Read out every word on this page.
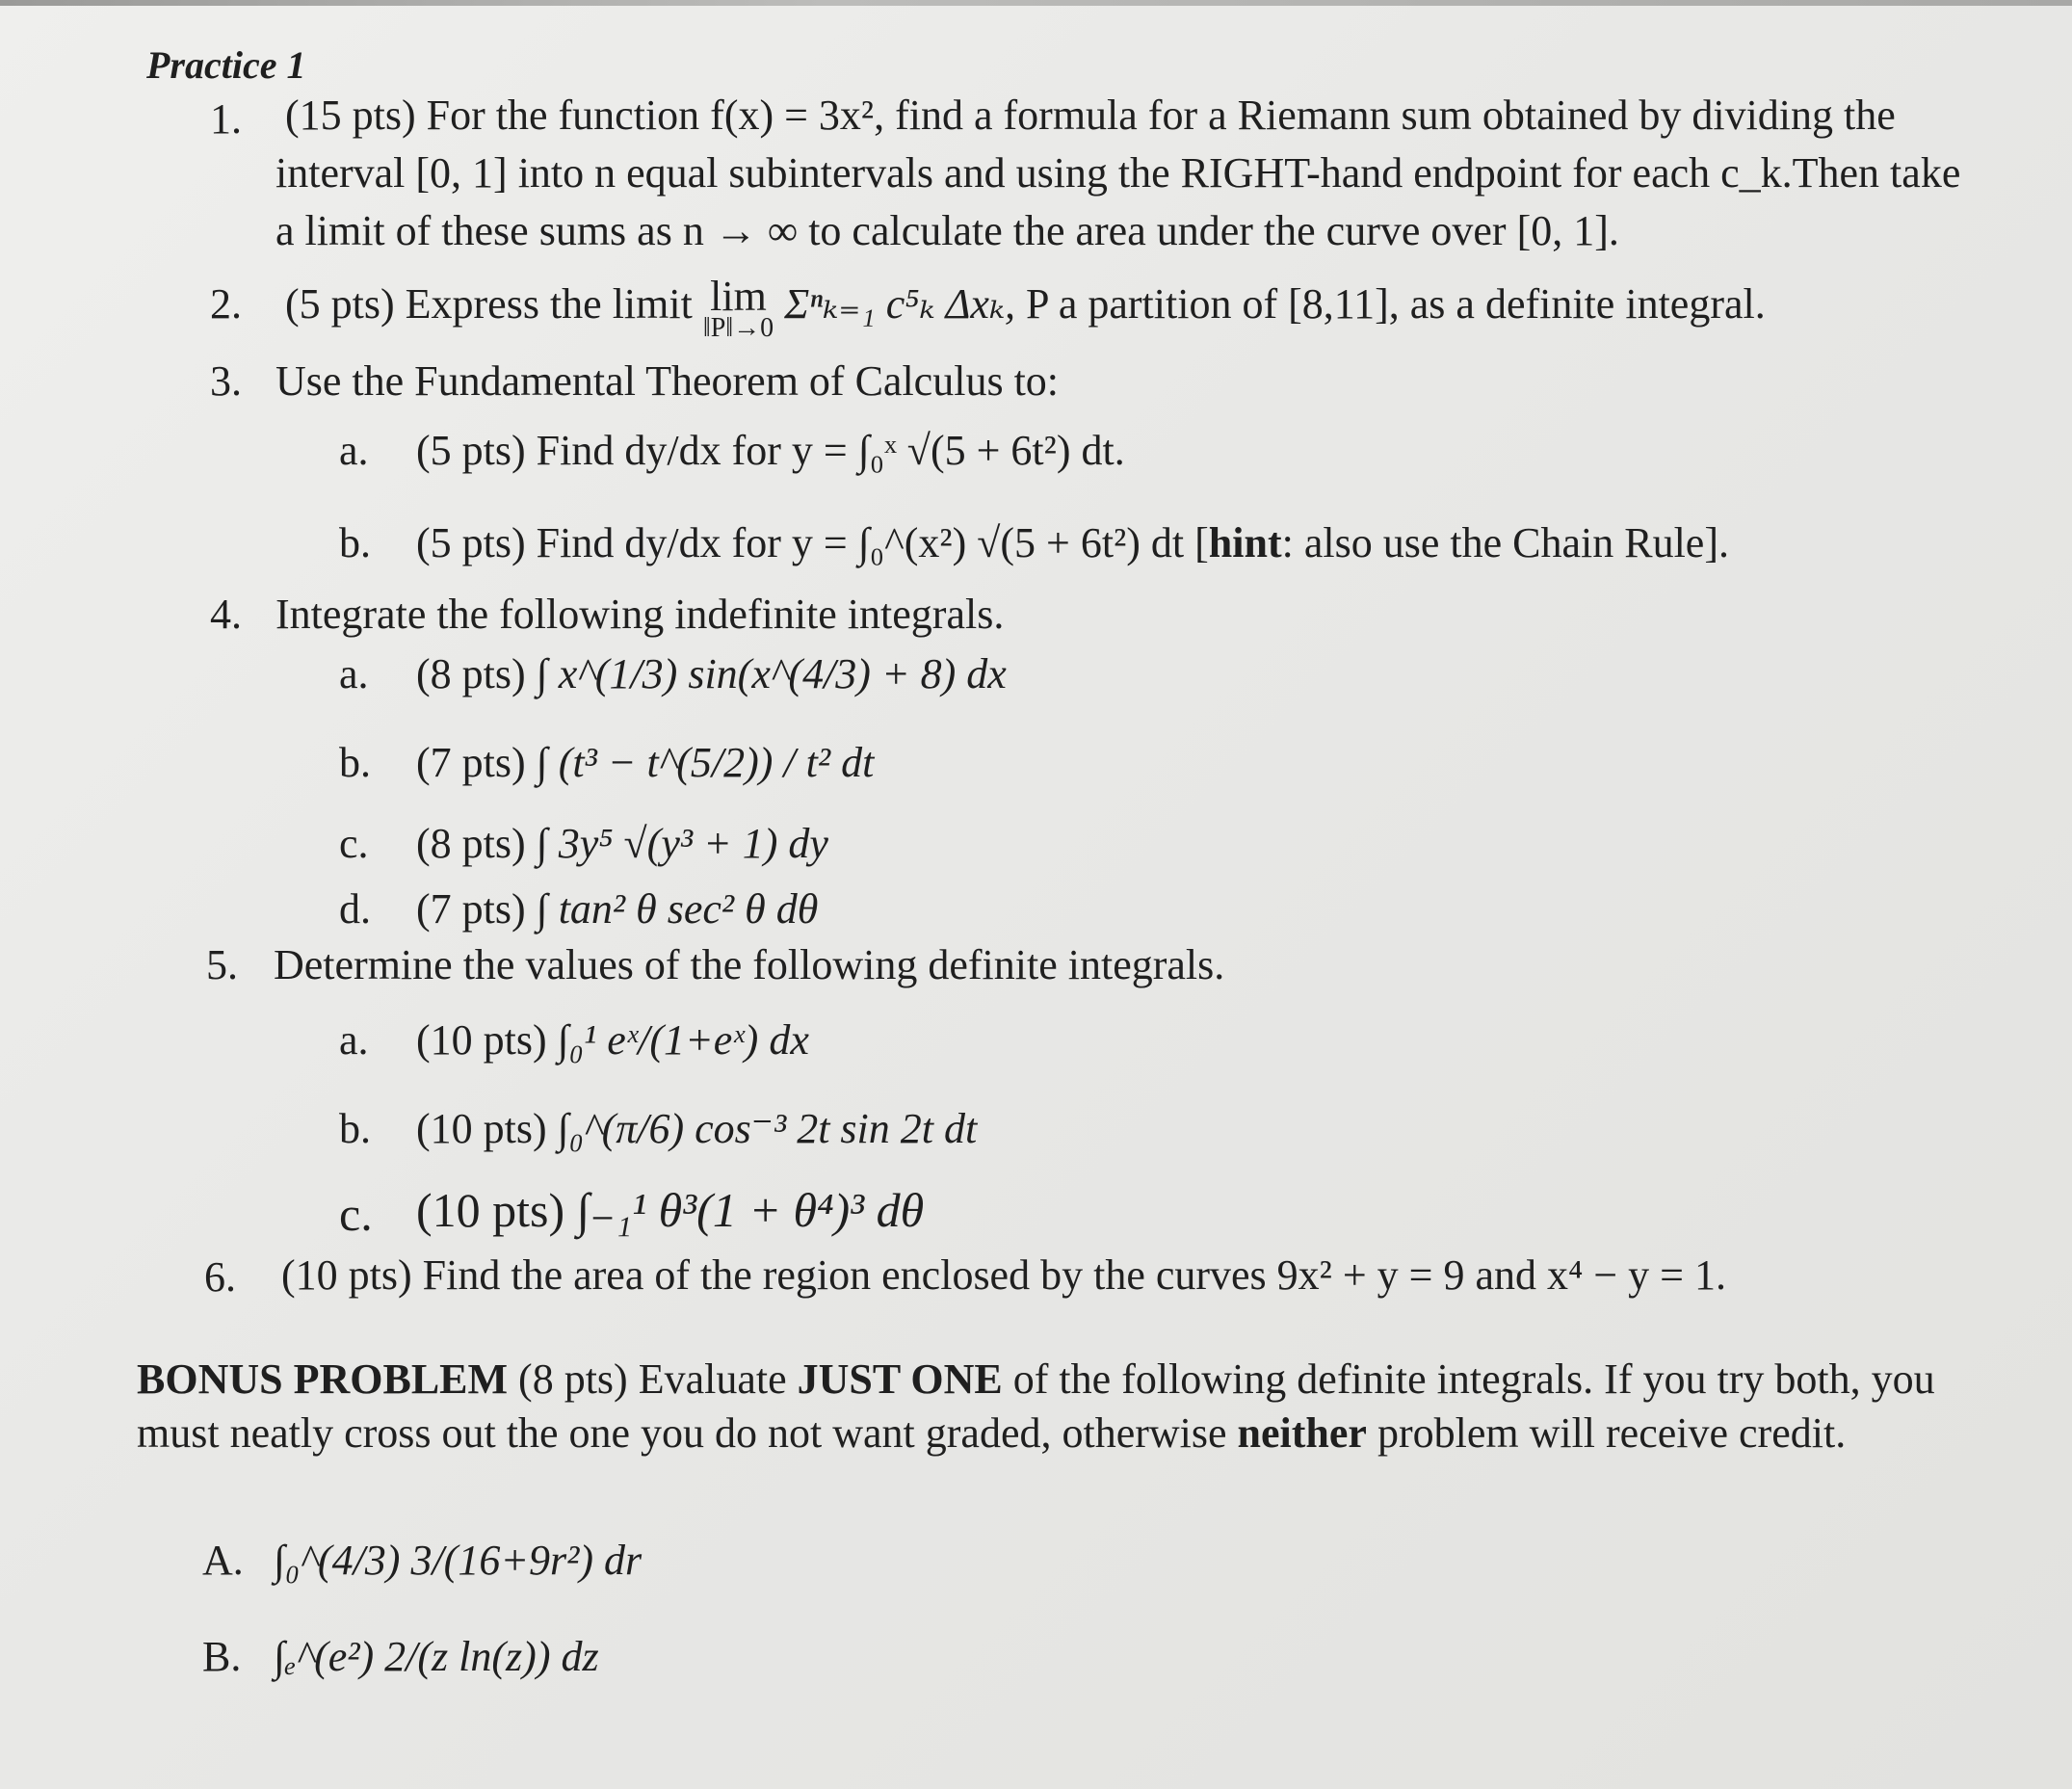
Practice 1
1. (15 pts) For the function f(x) = 3x², find a formula for a Riemann sum obtained by dividing the
interval [0, 1] into n equal subintervals and using the RIGHT-hand endpoint for each c_k.Then take
a limit of these sums as n → ∞ to calculate the area under the curve over [0, 1].
2. (5 pts) Express the limit lim
‖P‖→0
Σⁿₖ₌₁ c⁵ₖ Δxₖ, P a partition of [8,11], as a definite integral.
3. Use the Fundamental Theorem of Calculus to:
a. (5 pts) Find dy/dx for y = ∫₀ˣ √(5 + 6t²) dt.
b. (5 pts) Find dy/dx for y = ∫₀^(x²) √(5 + 6t²) dt [hint: also use the Chain Rule].
4. Integrate the following indefinite integrals.
a. (8 pts) ∫ x^(1/3) sin(x^(4/3) + 8) dx
b. (7 pts) ∫ (t³ − t^(5/2)) / t² dt
c. (8 pts) ∫ 3y⁵ √(y³ + 1) dy
d. (7 pts) ∫ tan² θ sec² θ dθ
5. Determine the values of the following definite integrals.
a. (10 pts) ∫₀¹ eˣ/(1+eˣ) dx
b. (10 pts) ∫₀^(π/6) cos⁻³ 2t sin 2t dt
c. (10 pts) ∫₋₁¹ θ³(1 + θ⁴)³ dθ
6. (10 pts) Find the area of the region enclosed by the curves 9x² + y = 9 and x⁴ − y = 1.
BONUS PROBLEM (8 pts) Evaluate JUST ONE of the following definite integrals. If you try both, you
must neatly cross out the one you do not want graded, otherwise neither problem will receive credit.
A. ∫₀^(4/3) 3/(16+9r²) dr
B. ∫ₑ^(e²) 2/(z ln(z)) dz
